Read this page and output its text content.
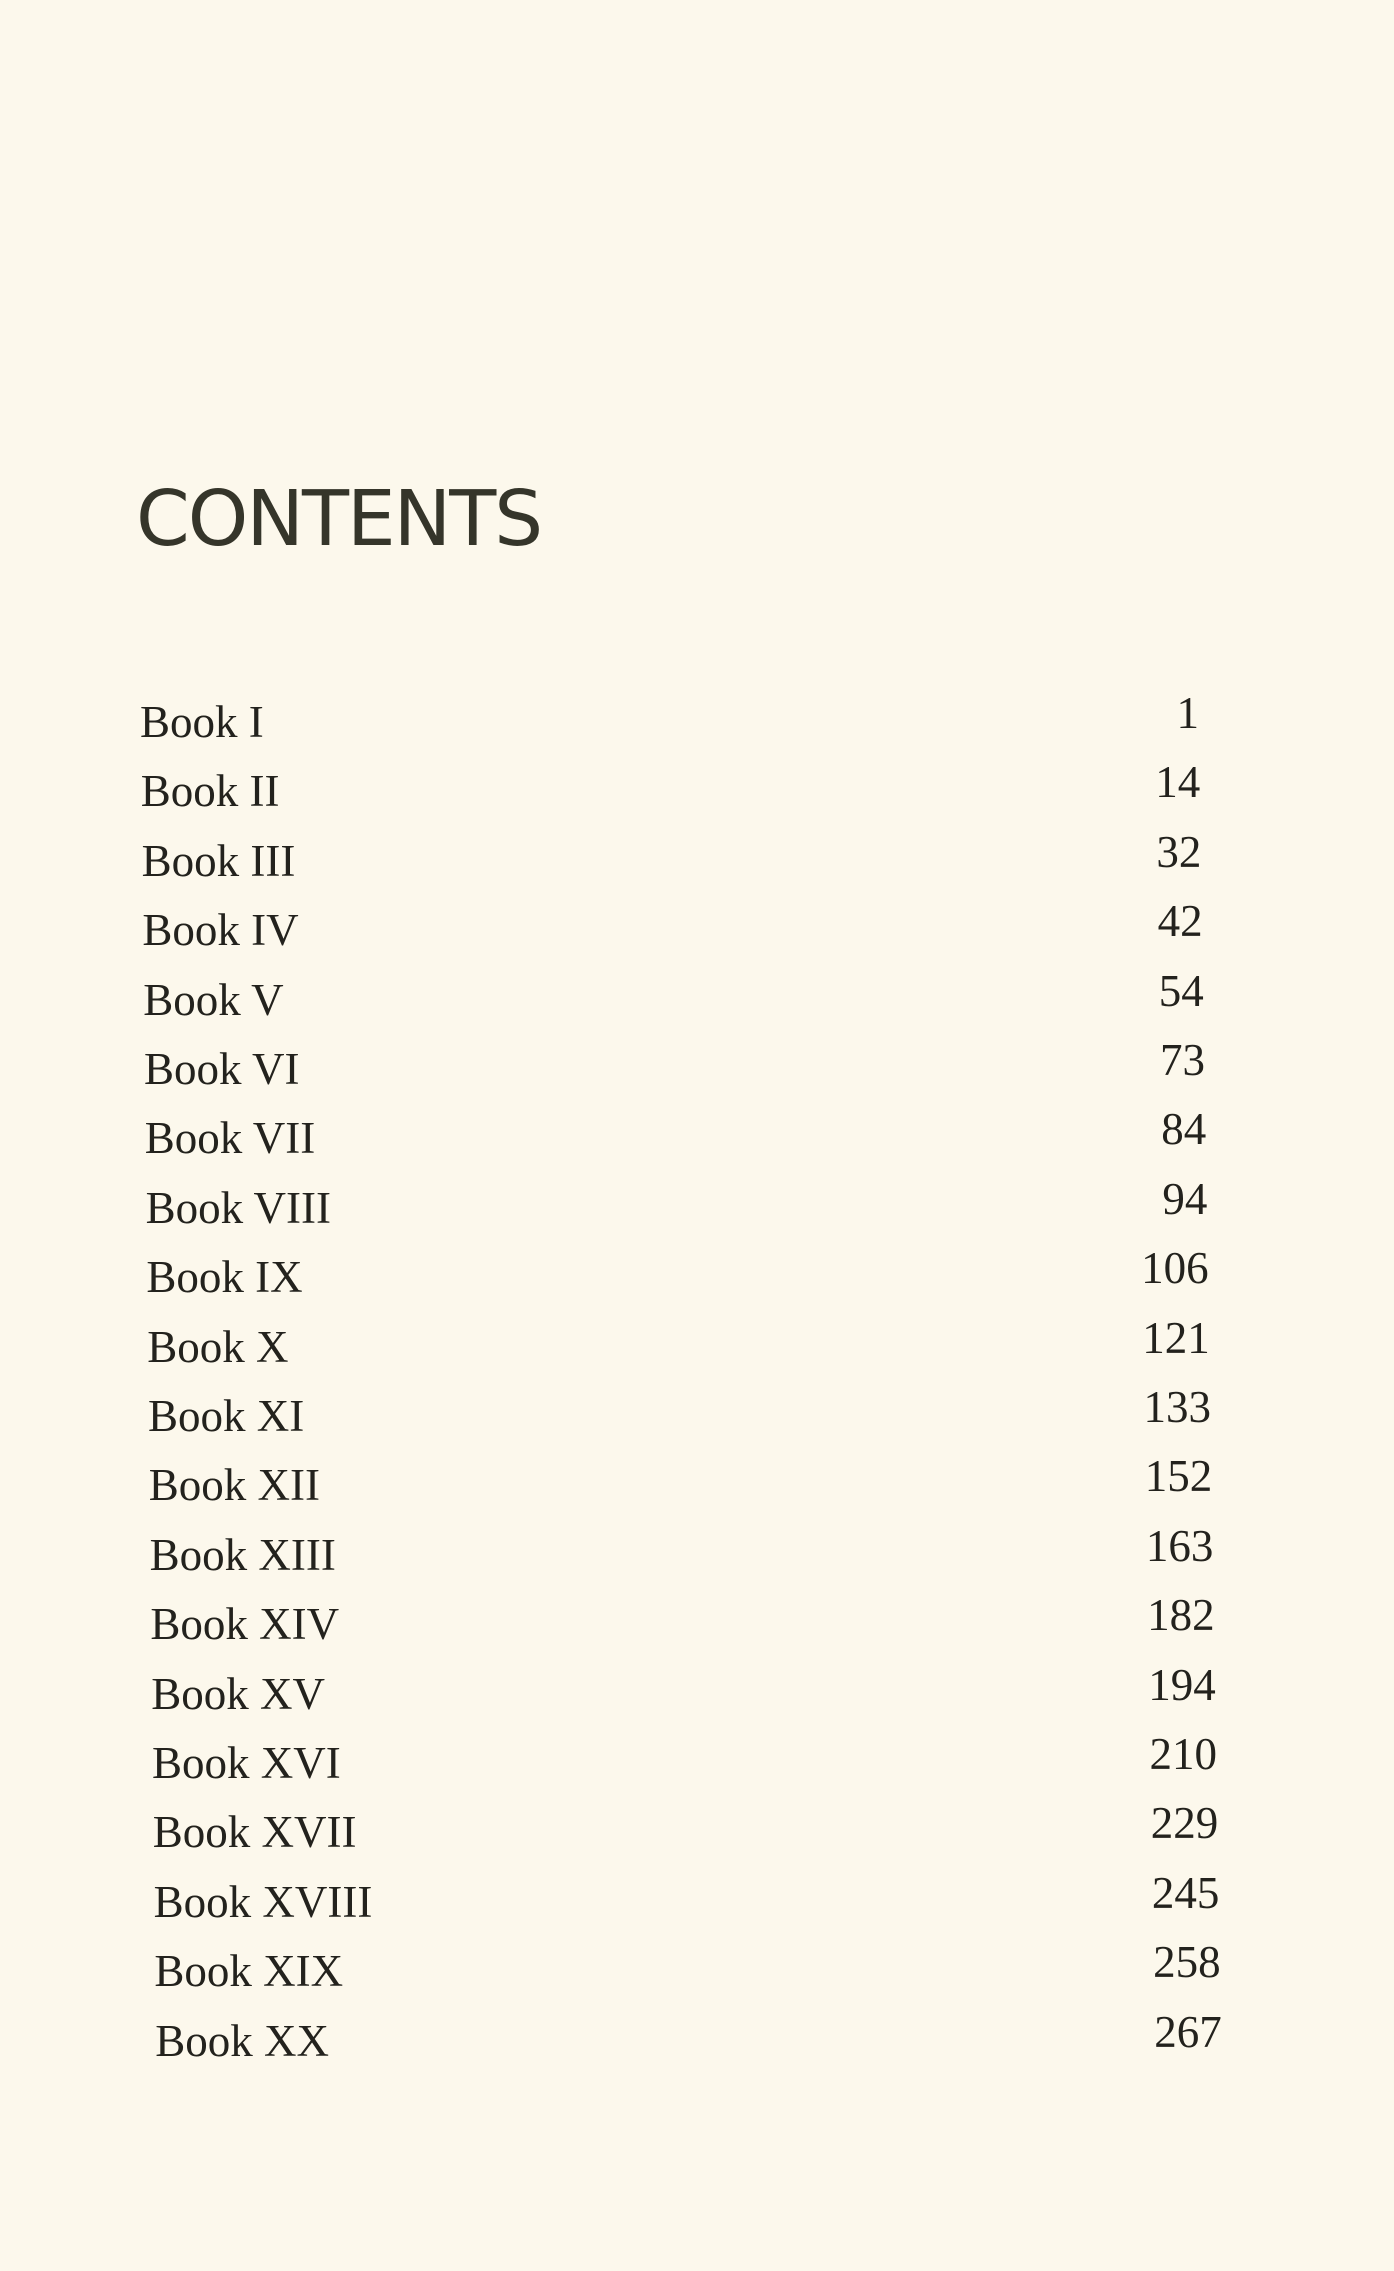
CONTENTS
Book I	1
Book II	14
Book III	32
Book IV	42
Book V	54
Book VI	73
Book VII	84
Book VIII	94
Book IX	106
Book X	121
Book XI	133
Book XII	152
Book XIII	163
Book XIV	182
Book XV	194
Book XVI	210
Book XVII	229
Book XVIII	245
Book XIX	258
Book XX	267
